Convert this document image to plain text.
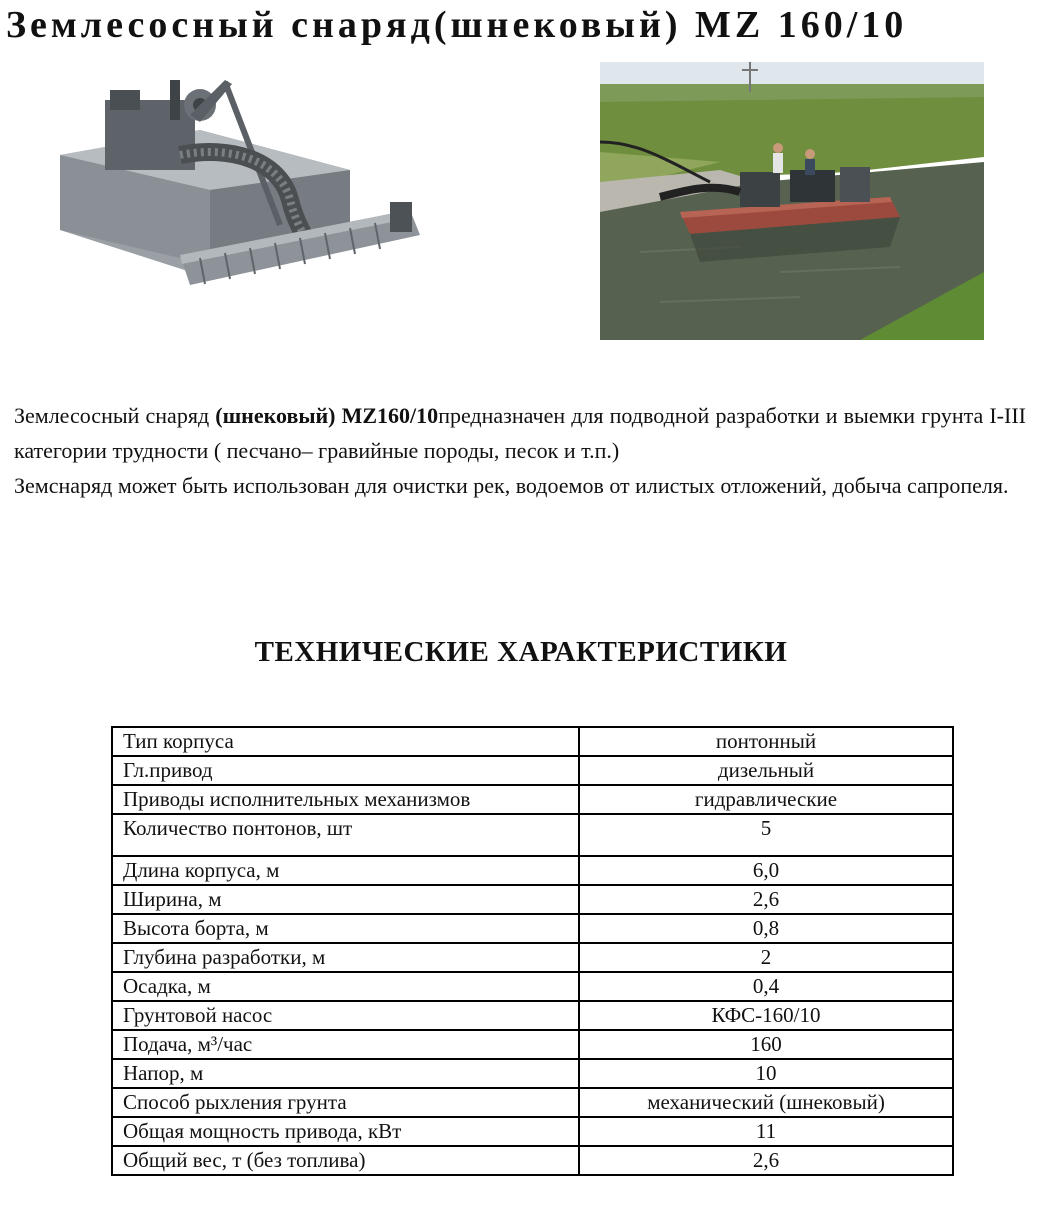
Землесосный снаряд(шнековый) MZ 160/10

Землесосный снаряд (шнековый) MZ160/10предназначен для подводной разработки и выемки грунта I-III категории трудности ( песчано– гравийные породы, песок и т.п.)

Земснаряд может быть использован для очистки рек, водоемов от илистых отложений, добыча сапропеля.

ТЕХНИЧЕСКИЕ ХАРАКТЕРИСТИКИ
Тип корпуса	понтонный
Гл.привод	дизельный
Приводы исполнительных механизмов	гидравлические
Количество понтонов, шт	5
Длина корпуса, м	6,0
Ширина, м	2,6
Высота борта, м	0,8
Глубина разработки, м	2
Осадка, м	0,4
Грунтовой насос	КФС-160/10
Подача, м³/час	160
Напор, м	10
Способ рыхления грунта	механический (шнековый)
Общая мощность привода, кВт	11
Общий вес, т (без топлива)	2,6
